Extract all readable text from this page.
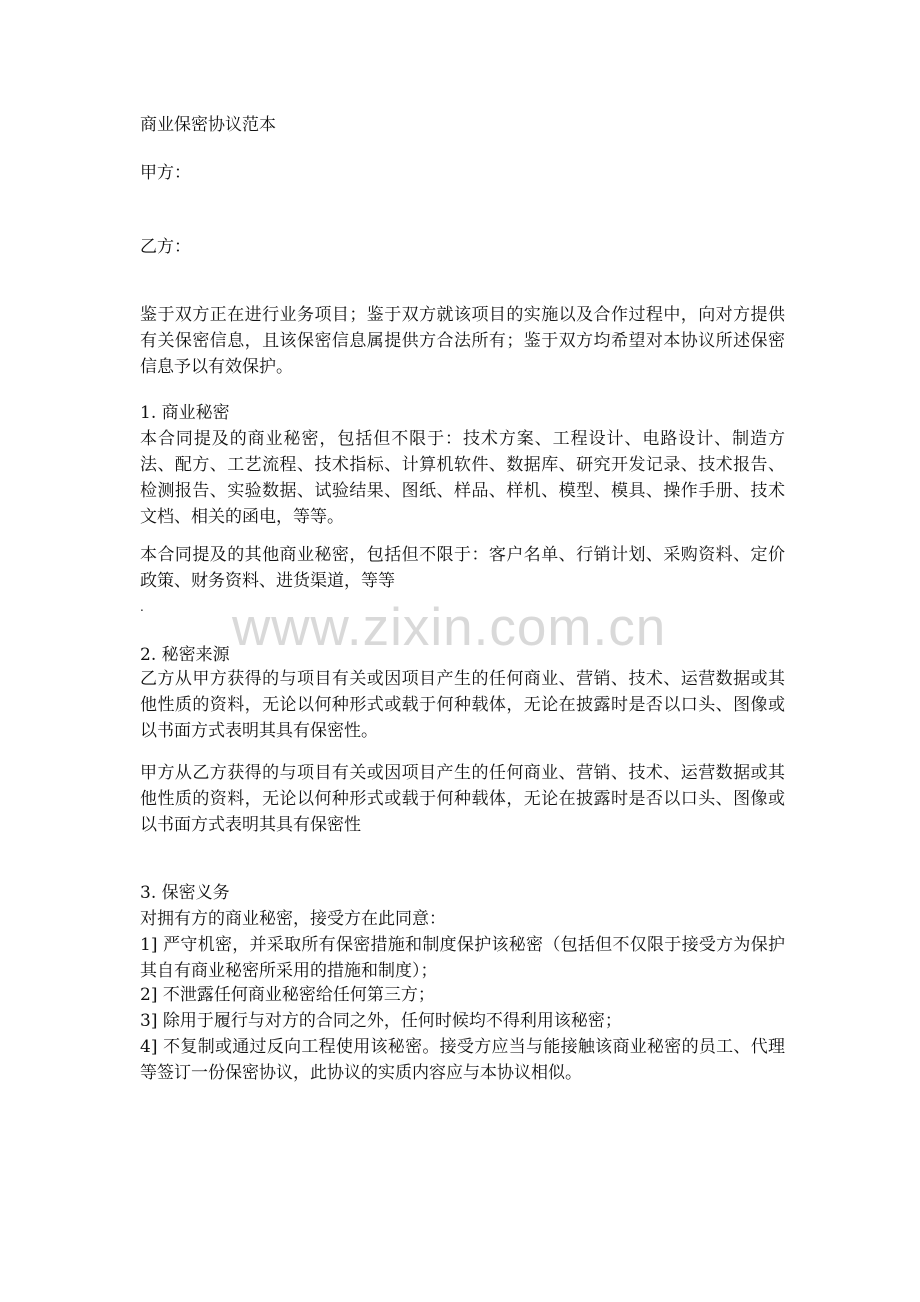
商业保密协议范本
甲方：
乙方：
鉴于双方正在进行业务项目；鉴于双方就该项目的实施以及合作过程中，向对方提供有关保密信息，且该保密信息属提供方合法所有；鉴于双方均希望对本协议所述保密信息予以有效保护。
1. 商业秘密
本合同提及的商业秘密，包括但不限于：技术方案、工程设计、电路设计、制造方法、配方、工艺流程、技术指标、计算机软件、数据库、研究开发记录、技术报告、检测报告、实验数据、试验结果、图纸、样品、样机、模型、模具、操作手册、技术文档、相关的函电，等等。
本合同提及的其他商业秘密，包括但不限于：客户名单、行销计划、采购资料、定价政策、财务资料、进货渠道，等等
.
2. 秘密来源
乙方从甲方获得的与项目有关或因项目产生的任何商业、营销、技术、运营数据或其他性质的资料，无论以何种形式或载于何种载体，无论在披露时是否以口头、图像或以书面方式表明其具有保密性。
甲方从乙方获得的与项目有关或因项目产生的任何商业、营销、技术、运营数据或其他性质的资料，无论以何种形式或载于何种载体，无论在披露时是否以口头、图像或以书面方式表明其具有保密性
3. 保密义务
对拥有方的商业秘密，接受方在此同意：
1] 严守机密，并采取所有保密措施和制度保护该秘密（包括但不仅限于接受方为保护其自有商业秘密所采用的措施和制度）；
2] 不泄露任何商业秘密给任何第三方；
3] 除用于履行与对方的合同之外，任何时候均不得利用该秘密；
4] 不复制或通过反向工程使用该秘密。接受方应当与能接触该商业秘密的员工、代理等签订一份保密协议，此协议的实质内容应与本协议相似。
www.zixin.com.cn
